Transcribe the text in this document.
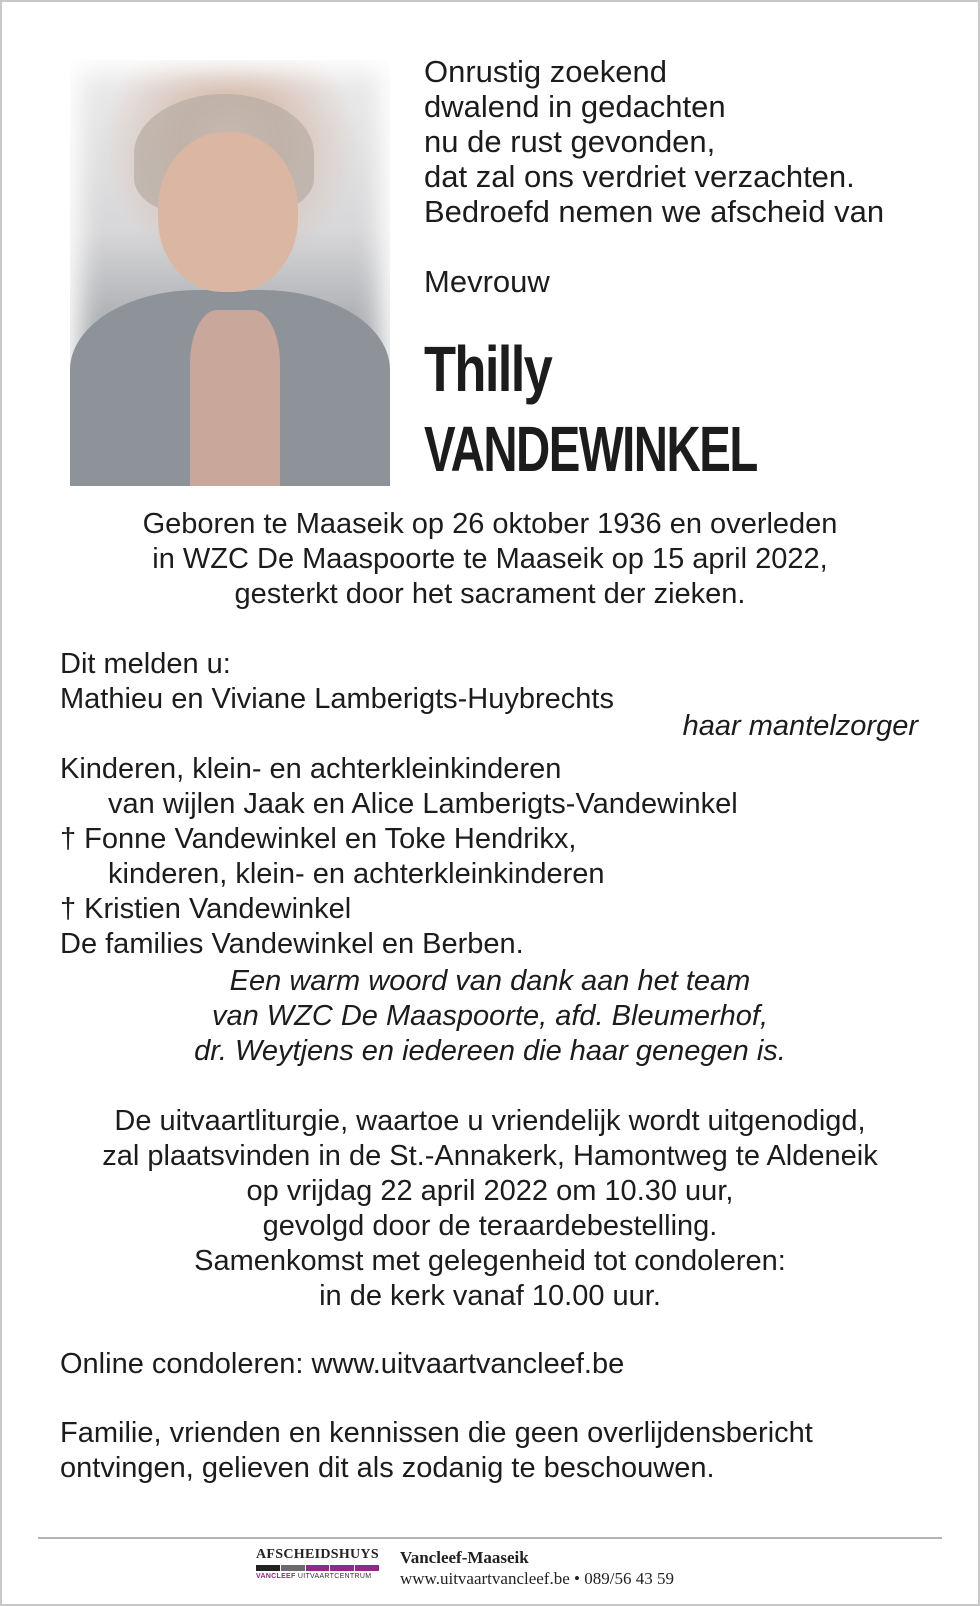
Onrustig zoekend
dwalend in gedachten
nu de rust gevonden,
dat zal ons verdriet verzachten.
Bedroefd nemen we afscheid van
Mevrouw
Thilly
VANDEWINKEL
Geboren te Maaseik op 26 oktober 1936 en overleden
in WZC De Maaspoorte te Maaseik op 15 april 2022,
gesterkt door het sacrament der zieken.
Dit melden u:
Mathieu en Viviane Lamberigts-Huybrechts
Kinderen, klein- en achterkleinkinderen
van wijlen Jaak en Alice Lamberigts-Vandewinkel
† Fonne Vandewinkel en Toke Hendrikx,
kinderen, klein- en achterkleinkinderen
† Kristien Vandewinkel
De families Vandewinkel en Berben.
haar mantelzorger
Een warm woord van dank aan het team
van WZC De Maaspoorte, afd. Bleumerhof,
dr. Weytjens en iedereen die haar genegen is.
De uitvaartliturgie, waartoe u vriendelijk wordt uitgenodigd,
zal plaatsvinden in de St.-Annakerk, Hamontweg te Aldeneik
op vrijdag 22 april 2022 om 10.30 uur,
gevolgd door de teraardebestelling.
Samenkomst met gelegenheid tot condoleren:
in de kerk vanaf 10.00 uur.
Online condoleren: www.uitvaartvancleef.be
Familie, vrienden en kennissen die geen overlijdensbericht
ontvingen, gelieven dit als zodanig te beschouwen.
AFSCHEIDSHUYS
VANCLEEF UITVAARTCENTRUM
Vancleef-Maaseik
www.uitvaartvancleef.be • 089/56 43 59
